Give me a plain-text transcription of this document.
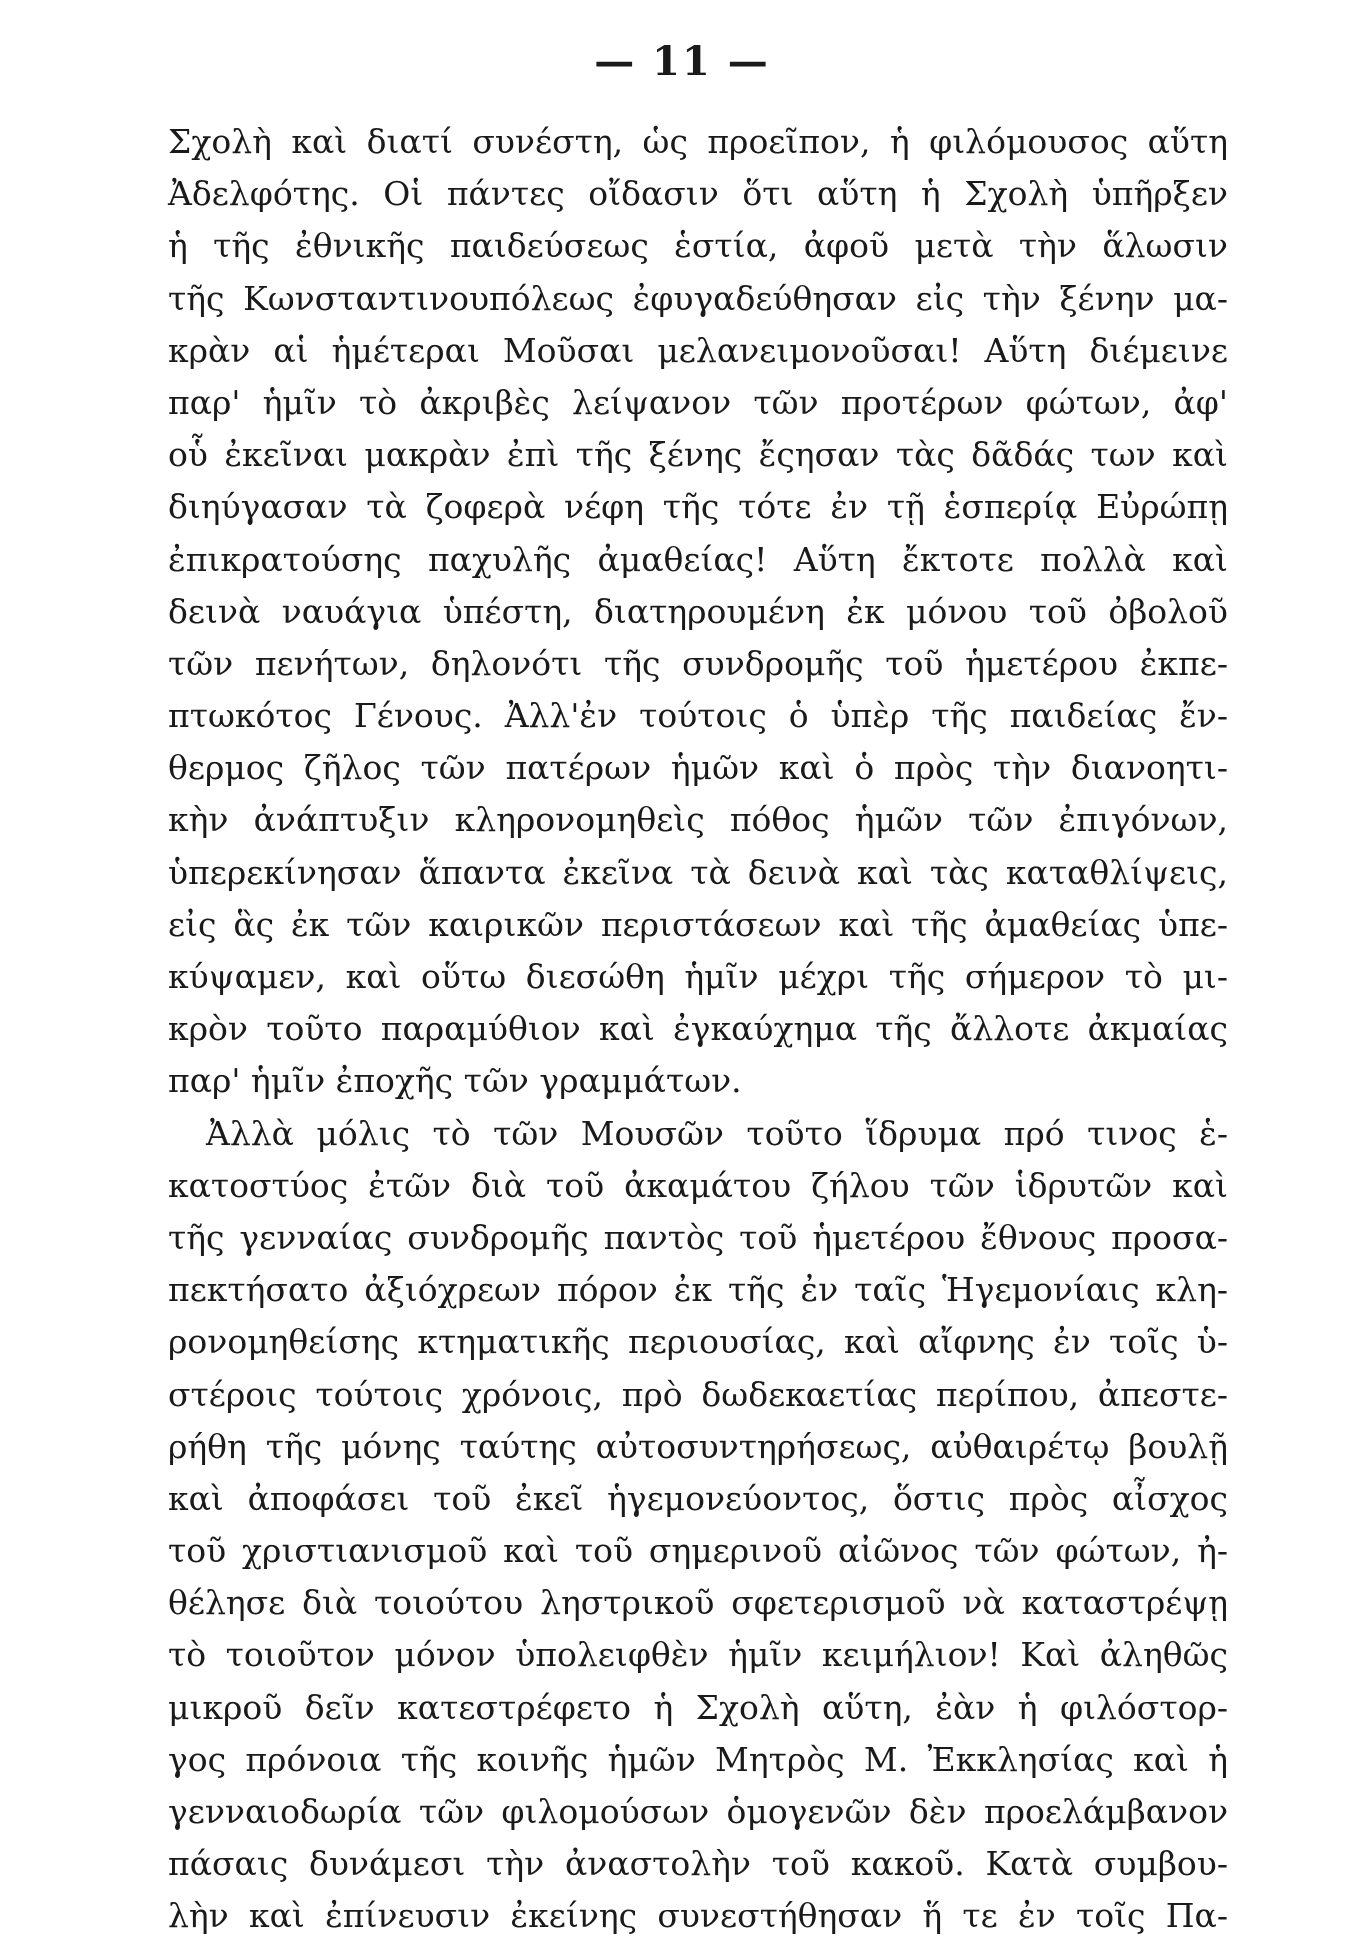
— 11 —
Σχολὴ καὶ διατί συνέστη, ὡς προεῖπον, ἡ φιλόμουσος αὕτη
Ἀδελφότης. Οἱ πάντες οἴδασιν ὅτι αὕτη ἡ Σχολὴ ὑπῆρξεν
ἡ τῆς ἐθνικῆς παιδεύσεως ἑστία, ἀφοῦ μετὰ τὴν ἅλωσιν
τῆς Κωνσταντινουπόλεως ἐφυγαδεύθησαν εἰς τὴν ξένην μα-
κρὰν αἱ ἡμέτεραι Μοῦσαι μελανειμονοῦσαι! Αὕτη διέμεινε
παρ' ἡμῖν τὸ ἀκριβὲς λείψανον τῶν προτέρων φώτων, ἀφ'
οὗ ἐκεῖναι μακρὰν ἐπὶ τῆς ξένης ἔςησαν τὰς δᾶδάς των καὶ
διηύγασαν τὰ ζοφερὰ νέφη τῆς τότε ἐν τῇ ἑσπερίᾳ Εὐρώπῃ
ἐπικρατούσης παχυλῆς ἀμαθείας! Αὕτη ἔκτοτε πολλὰ καὶ
δεινὰ ναυάγια ὑπέστη, διατηρουμένη ἐκ μόνου τοῦ ὀβολοῦ
τῶν πενήτων, δηλονότι τῆς συνδρομῆς τοῦ ἡμετέρου ἐκπε-
πτωκότος Γένους. Ἀλλ'ἐν τούτοις ὁ ὑπὲρ τῆς παιδείας ἔν-
θερμος ζῆλος τῶν πατέρων ἡμῶν καὶ ὁ πρὸς τὴν διανοητι-
κὴν ἀνάπτυξιν κληρονομηθεὶς πόθος ἡμῶν τῶν ἐπιγόνων,
ὑπερεκίνησαν ἅπαντα ἐκεῖνα τὰ δεινὰ καὶ τὰς καταθλίψεις,
εἰς ἃς ἐκ τῶν καιρικῶν περιστάσεων καὶ τῆς ἀμαθείας ὑπε-
κύψαμεν, καὶ οὕτω διεσώθη ἡμῖν μέχρι τῆς σήμερον τὸ μι-
κρὸν τοῦτο παραμύθιον καὶ ἐγκαύχημα τῆς ἄλλοτε ἀκμαίας
παρ' ἡμῖν ἐποχῆς τῶν γραμμάτων.
Ἀλλὰ μόλις τὸ τῶν Μουσῶν τοῦτο ἵδρυμα πρό τινος ἑ-
κατοστύος ἐτῶν διὰ τοῦ ἀκαμάτου ζήλου τῶν ἱδρυτῶν καὶ
τῆς γενναίας συνδρομῆς παντὸς τοῦ ἡμετέρου ἔθνους προσα-
πεκτήσατο ἀξιόχρεων πόρον ἐκ τῆς ἐν ταῖς Ἡγεμονίαις κλη-
ρονομηθείσης κτηματικῆς περιουσίας, καὶ αἴφνης ἐν τοῖς ὑ-
στέροις τούτοις χρόνοις, πρὸ δωδεκαετίας περίπου, ἀπεστε-
ρήθη τῆς μόνης ταύτης αὐτοσυντηρήσεως, αὐθαιρέτῳ βουλῇ
καὶ ἀποφάσει τοῦ ἐκεῖ ἡγεμονεύοντος, ὅστις πρὸς αἶσχος
τοῦ χριστιανισμοῦ καὶ τοῦ σημερινοῦ αἰῶνος τῶν φώτων, ἠ-
θέλησε διὰ τοιούτου ληστρικοῦ σφετερισμοῦ νὰ καταστρέψῃ
τὸ τοιοῦτον μόνον ὑπολειφθὲν ἡμῖν κειμήλιον! Καὶ ἀληθῶς
μικροῦ δεῖν κατεστρέφετο ἡ Σχολὴ αὕτη, ἐὰν ἡ φιλόστορ-
γος πρόνοια τῆς κοινῆς ἡμῶν Μητρὸς Μ. Ἐκκλησίας καὶ ἡ
γενναιοδωρία τῶν φιλομούσων ὁμογενῶν δὲν προελάμβανον
πάσαις δυνάμεσι τὴν ἀναστολὴν τοῦ κακοῦ. Κατὰ συμβου-
λὴν καὶ ἐπίνευσιν ἐκείνης συνεστήθησαν ἥ τε ἐν τοῖς Πα-
